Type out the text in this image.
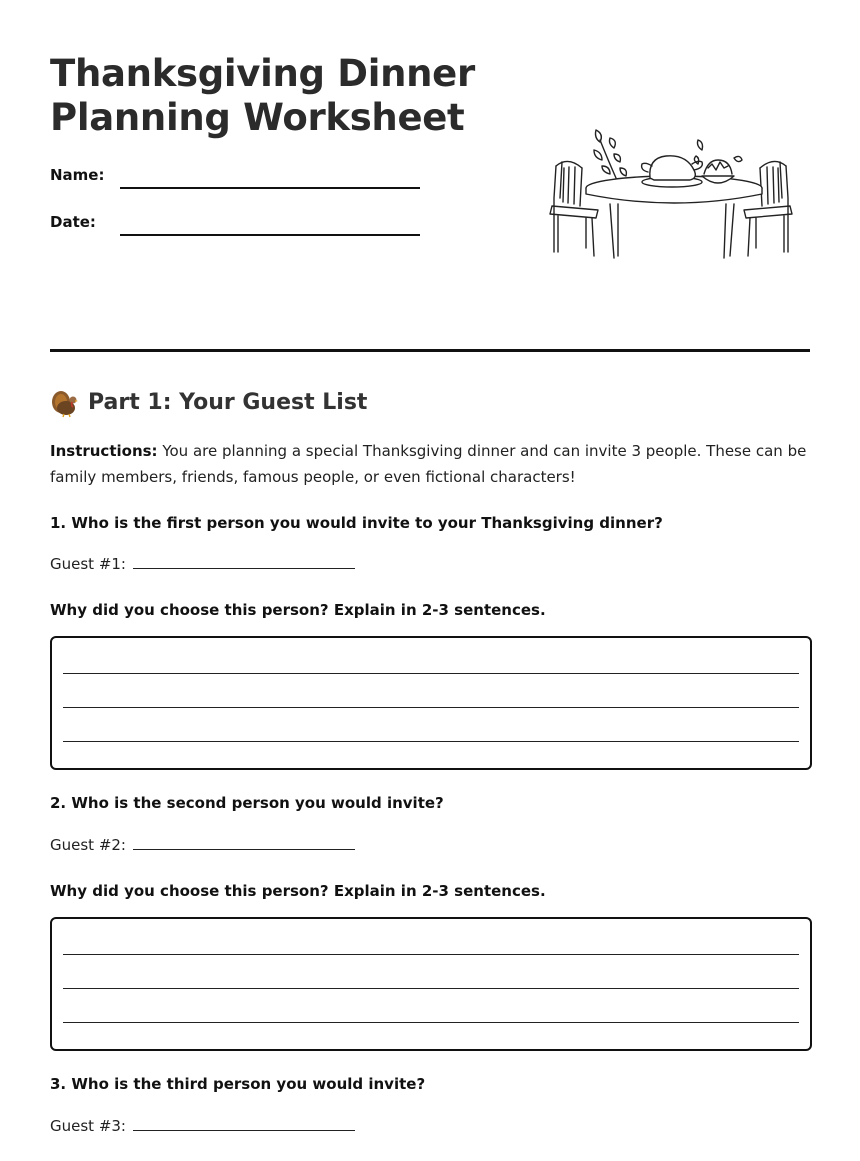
Thanksgiving Dinner
Planning Worksheet
Name:
Date:
Part 1: Your Guest List

Instructions: You are planning a special Thanksgiving dinner and can invite 3 people. These can be family members, friends, famous people, or even fictional characters!

1. Who is the first person you would invite to your Thanksgiving dinner?

Guest #1:

Why did you choose this person? Explain in 2-3 sentences.

2. Who is the second person you would invite?

Guest #2:

Why did you choose this person? Explain in 2-3 sentences.

3. Who is the third person you would invite?

Guest #3:
